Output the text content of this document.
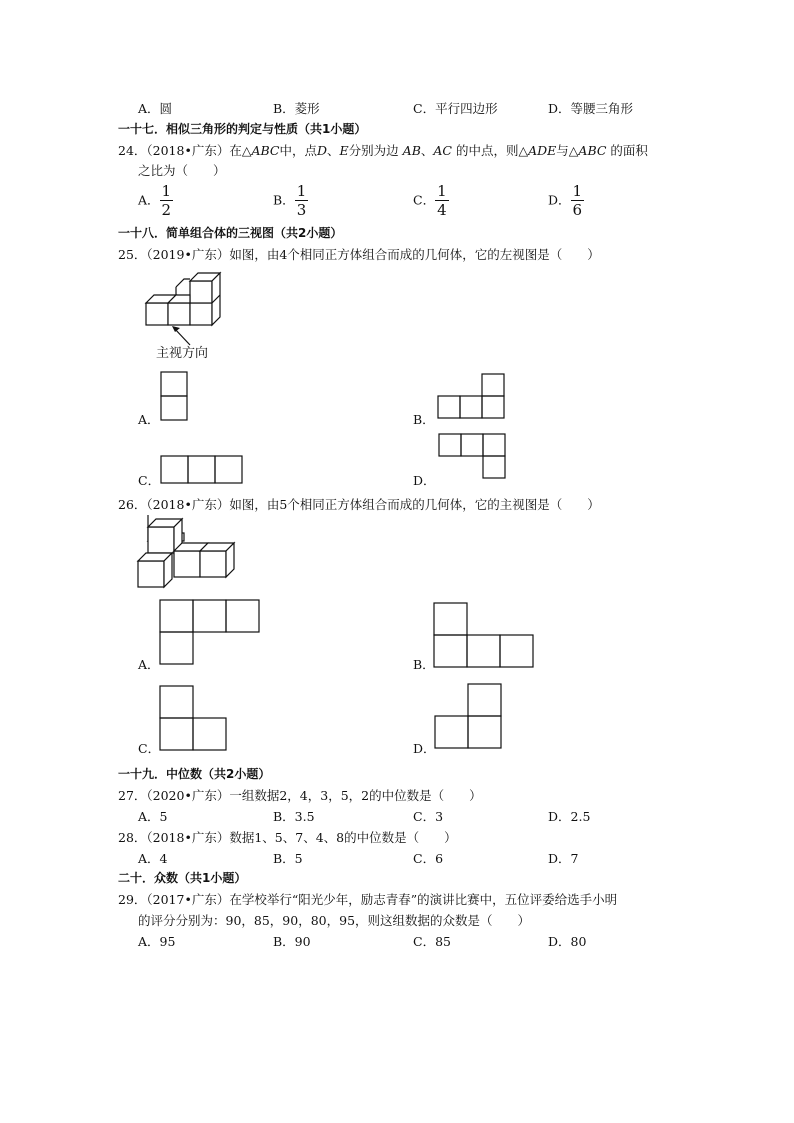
A．圆	B．菱形	C．平行四边形	D．等腰三角形
一十七．相似三角形的判定与性质（共1小题）
24．（2018•广东）在△ABC中，点D、E分别为边 AB、AC 的中点，则△ADE与△ABC 的面积
之比为（　　）
A． $\frac{1}{2}$	B． $\frac{1}{3}$	C． $\frac{1}{4}$	D． $\frac{1}{6}$
一十八．简单组合体的三视图（共2小题）
25．（2019•广东）如图，由4个相同正方体组合而成的几何体，它的左视图是（　　）
主视方向
A．	B．
C．	D．
26．（2018•广东）如图，由5个相同正方体组合而成的几何体，它的主视图是（　　）
A．	B．
C．	D．
一十九．中位数（共2小题）
27．（2020•广东）一组数据2，4，3，5，2的中位数是（　　）
A．5	B．3.5	C．3	D．2.5
28．（2018•广东）数据1、5、7、4、8的中位数是（　　）
A．4	B．5	C．6	D．7
二十．众数（共1小题）
29．（2017•广东）在学校举行“阳光少年，励志青春”的演讲比赛中，五位评委给选手小明
的评分分别为：90，85，90，80，95，则这组数据的众数是（　　）
A．95	B．90	C．85	D．80
